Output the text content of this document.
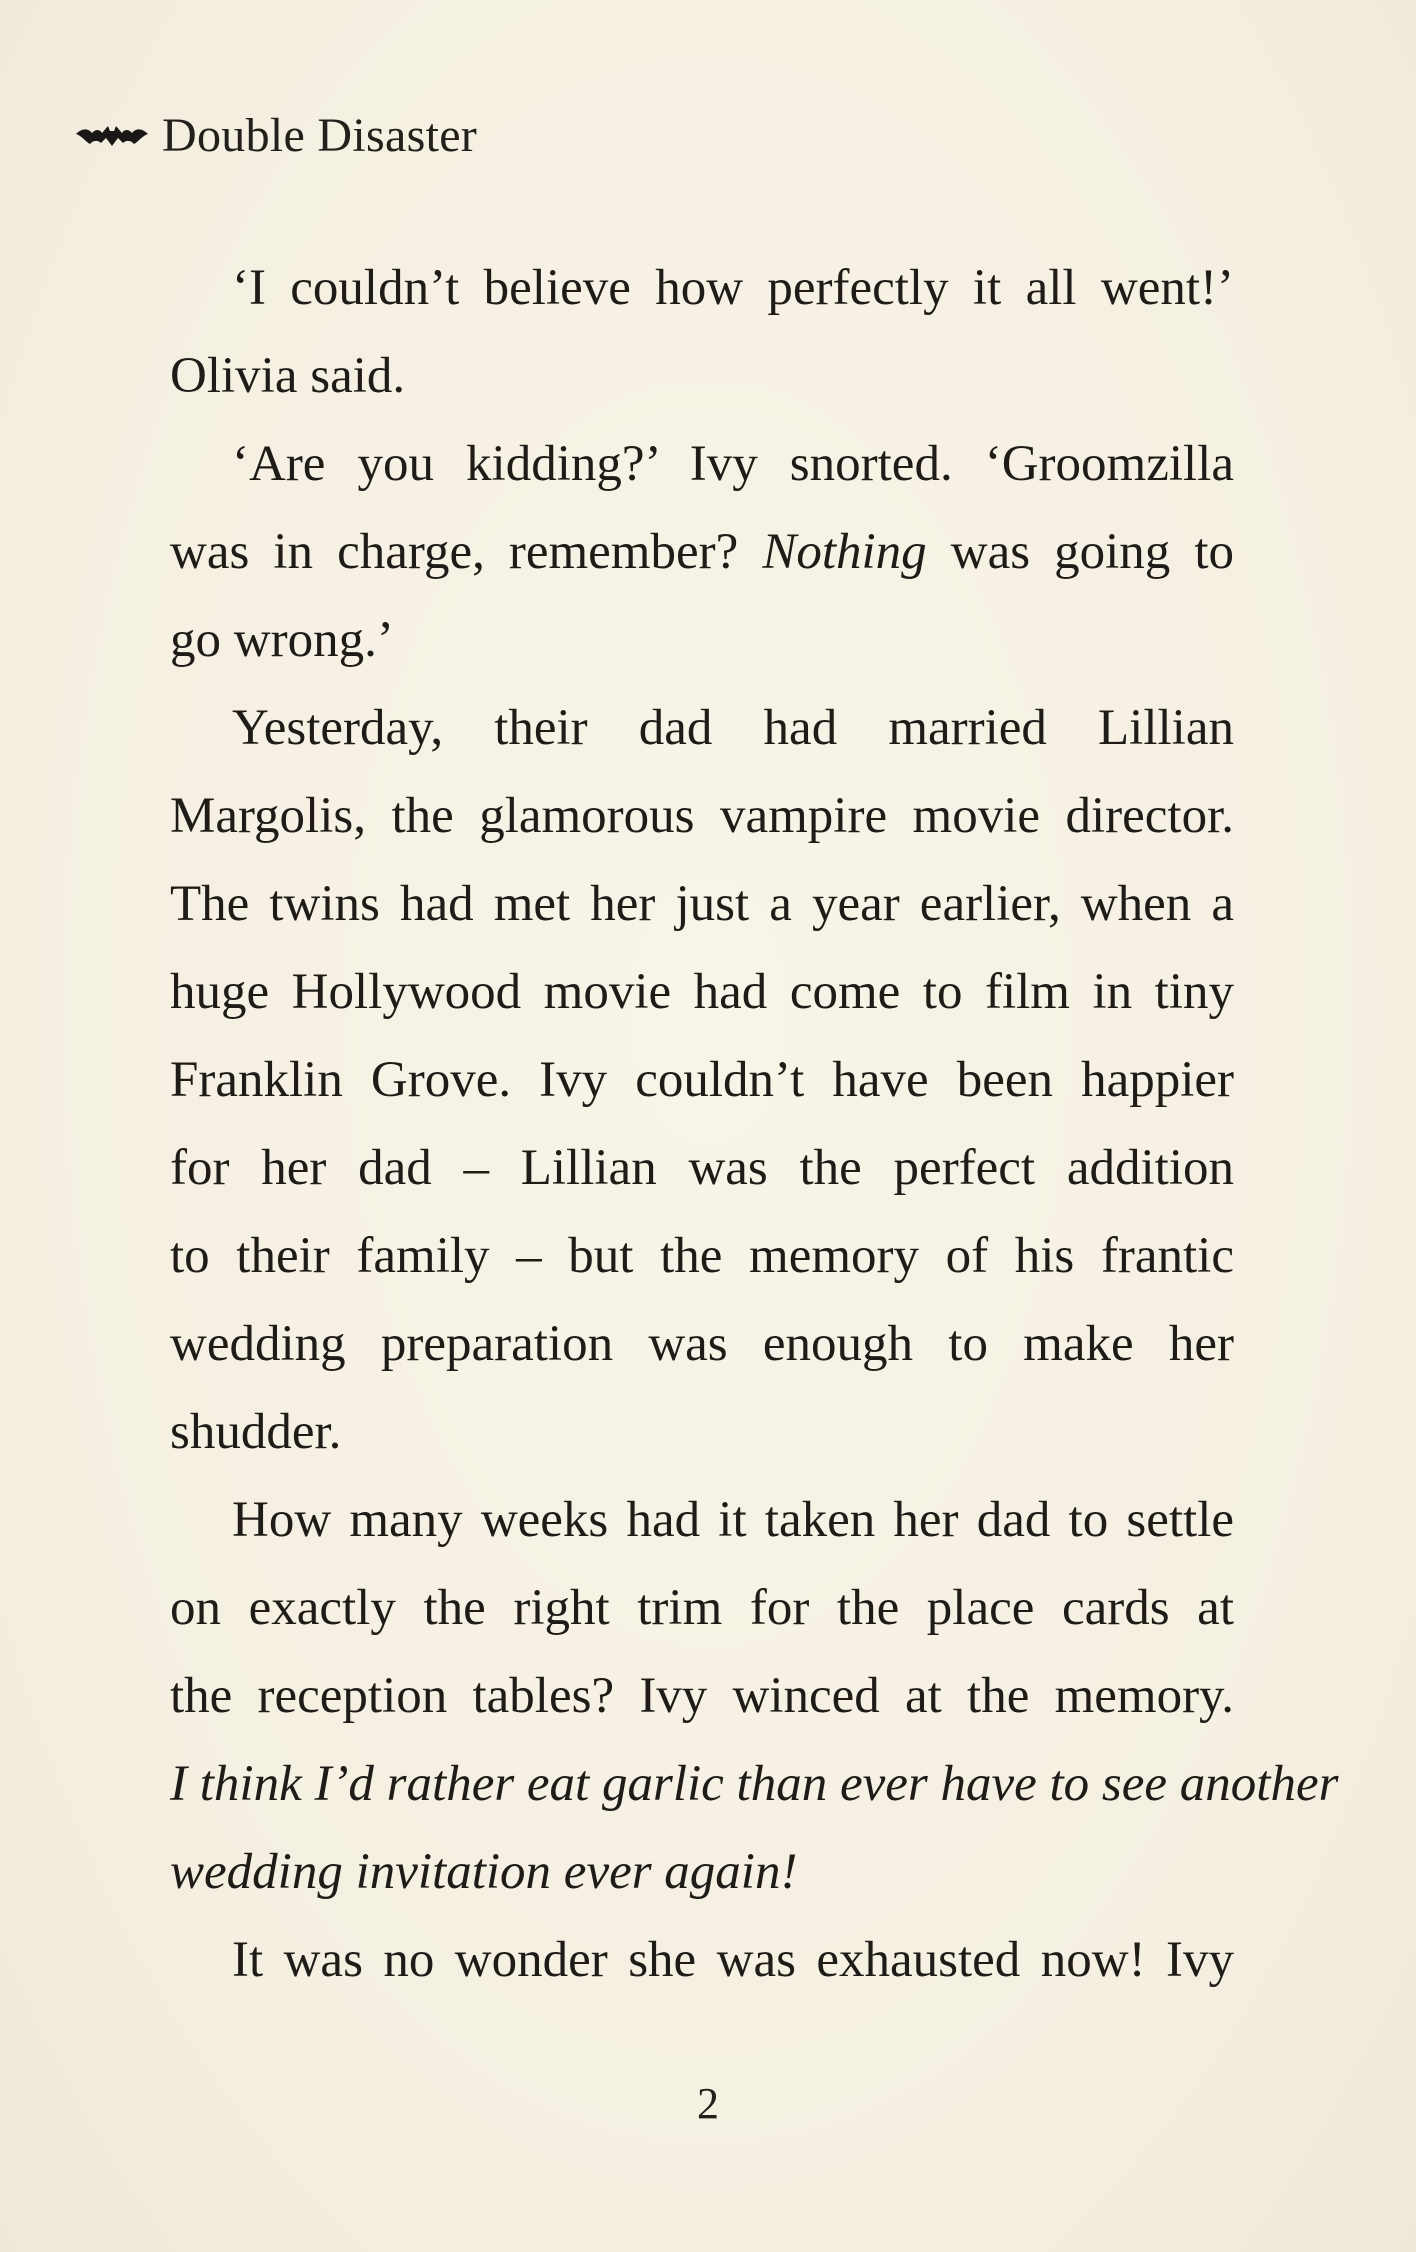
Double Disaster
‘I couldn’t believe how perfectly it all went!’
Olivia said.
‘Are you kidding?’ Ivy snorted. ‘Groomzilla
was in charge, remember? Nothing was going to
go wrong.’
Yesterday, their dad had married Lillian
Margolis, the glamorous vampire movie director.
The twins had met her just a year earlier, when a
huge Hollywood movie had come to film in tiny
Franklin Grove. Ivy couldn’t have been happier
for her dad – Lillian was the perfect addition
to their family – but the memory of his frantic
wedding preparation was enough to make her
shudder.
How many weeks had it taken her dad to settle
on exactly the right trim for the place cards at
the reception tables? Ivy winced at the memory.
I think I’d rather eat garlic than ever have to see another
wedding invitation ever again!
It was no wonder she was exhausted now! Ivy
2
